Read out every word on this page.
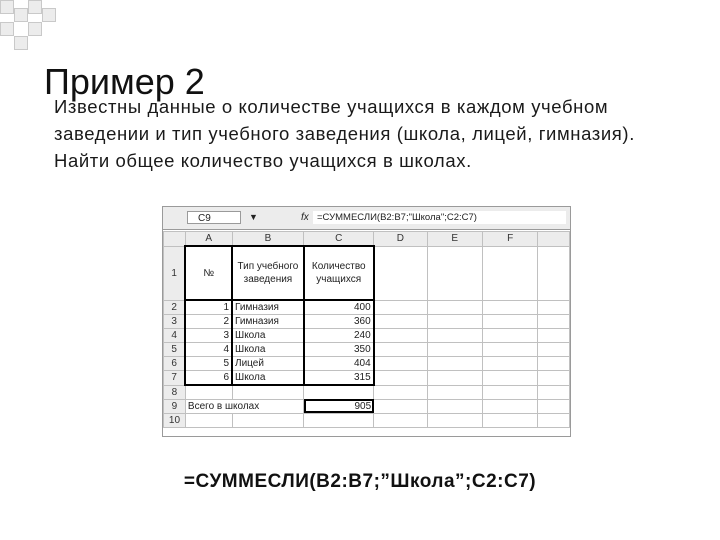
Пример 2
Известны данные о количестве учащихся в каждом учебном заведении и тип учебного заведения (школа, лицей, гимназия). Найти общее количество учащихся в школах.
C9	▼	fx =СУММЕСЛИ(B2:B7;"Школа";C2:C7)
	A	B	C	D	E	F	
1	№	Тип учебного заведения	Количество учащихся				
2	1	Гимназия	400				
3	2	Гимназия	360				
4	3	Школа	240				
5	4	Школа	350				
6	5	Лицей	404				
7	6	Школа	315				
8							
9	Всего в школах		905				
10							
=СУММЕСЛИ(B2:B7;”Школа”;C2:C7)
